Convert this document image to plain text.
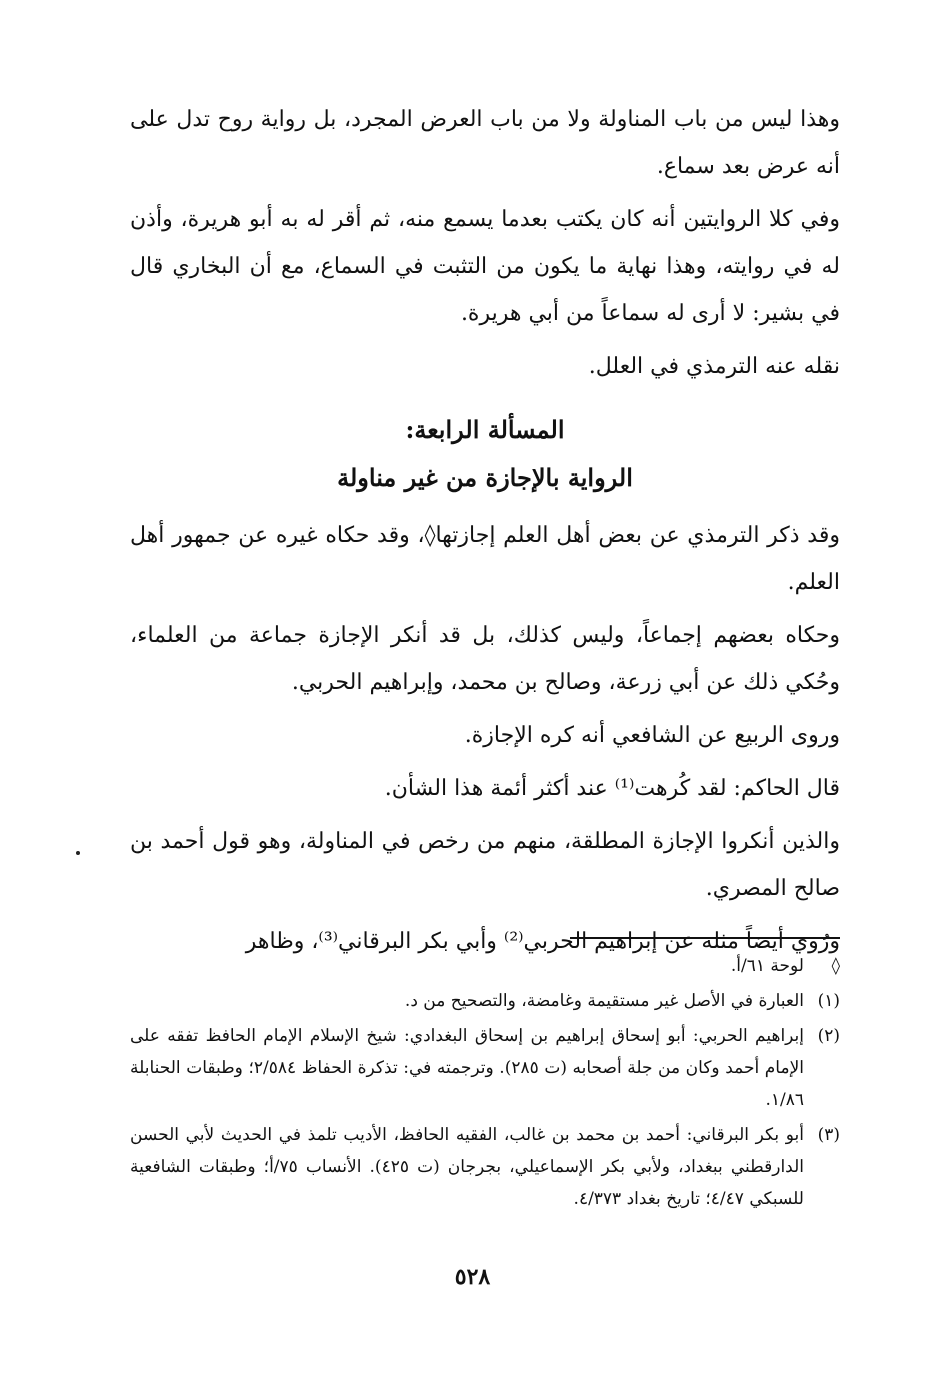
وهذا ليس من باب المناولة ولا من باب العرض المجرد، بل رواية روح تدل على أنه عرض بعد سماع.

وفي كلا الروايتين أنه كان يكتب بعدما يسمع منه، ثم أقر له به أبو هريرة، وأذن له في روايته، وهذا نهاية ما يكون من التثبت في السماع، مع أن البخاري قال في بشير: لا أرى له سماعاً من أبي هريرة.

نقله عنه الترمذي في العلل.

المسألة الرابعة:
الرواية بالإجازة من غير مناولة

وقد ذكر الترمذي عن بعض أهل العلم إجازتها◊، وقد حكاه غيره عن جمهور أهل العلم.

وحكاه بعضهم إجماعاً، وليس كذلك، بل قد أنكر الإجازة جماعة من العلماء، وحُكي ذلك عن أبي زرعة، وصالح بن محمد، وإبراهيم الحربي.

وروى الربيع عن الشافعي أنه كره الإجازة.

قال الحاكم: لقد كُرهت⁽¹⁾ عند أكثر أئمة هذا الشأن.

والذين أنكروا الإجازة المطلقة، منهم من رخص في المناولة، وهو قول أحمد بن صالح المصري.

ورُوي أيضاً مثله عن إبراهيم الحربي⁽²⁾ وأبي بكر البرقاني⁽³⁾، وظاهر

◊
لوحة ٦١/أ.
(١)
العبارة في الأصل غير مستقيمة وغامضة، والتصحيح من د.
(٢)
إبراهيم الحربي: أبو إسحاق إبراهيم بن إسحاق البغدادي: شيخ الإسلام الإمام الحافظ تفقه على الإمام أحمد وكان من جلة أصحابه (ت ٢٨٥). وترجمته في: تذكرة الحفاظ ٢/٥٨٤؛ وطبقات الحنابلة ١/٨٦.
(٣)
أبو بكر البرقاني: أحمد بن محمد بن غالب، الفقيه الحافظ، الأديب تلمذ في الحديث لأبي الحسن الدارقطني ببغداد، ولأبي بكر الإسماعيلي، بجرجان (ت ٤٢٥). الأنساب ٧٥/أ؛ وطبقات الشافعية للسبكي ٤/٤٧؛ تاريخ بغداد ٤/٣٧٣.
٥٢٨
